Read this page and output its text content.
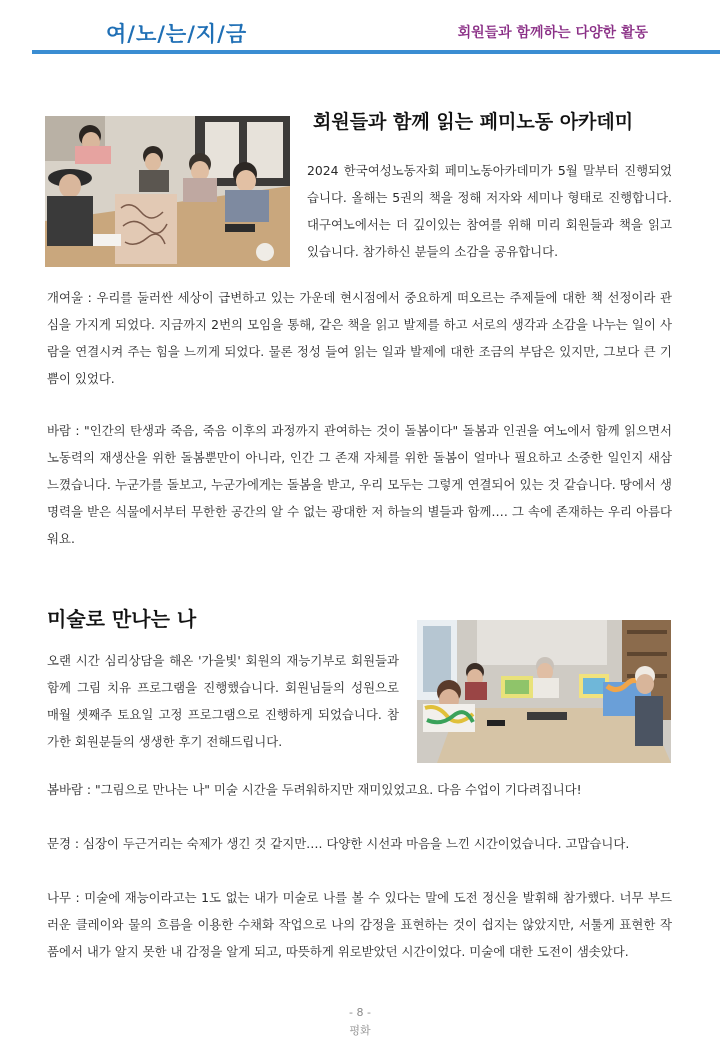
여/노/는/지/금	회원들과 함께하는 다양한 활동
회원들과 함께 읽는 페미노동 아카데미

2024 한국여성노동자회 페미노동아카데미가 5월 말부터 진행되었습니다. 올해는 5권의 책을 정해 저자와 세미나 형태로 진행합니다. 대구여노에서는 더 깊이있는 참여를 위해 미리 회원들과 책을 읽고 있습니다. 참가하신 분들의 소감을 공유합니다.

개여울 : 우리를 둘러싼 세상이 급변하고 있는 가운데 현시점에서 중요하게 떠오르는 주제들에 대한 책 선정이라 관심을 가지게 되었다. 지금까지 2번의 모임을 통해, 같은 책을 읽고 발제를 하고 서로의 생각과 소감을 나누는 일이 사람을 연결시켜 주는 힘을 느끼게 되었다. 물론 정성 들여 읽는 일과 발제에 대한 조금의 부담은 있지만, 그보다 큰 기쁨이 있었다.

바람 : "인간의 탄생과 죽음, 죽음 이후의 과정까지 관여하는 것이 돌봄이다" 돌봄과 인권을 여노에서 함께 읽으면서 노동력의 재생산을 위한 돌봄뿐만이 아니라, 인간 그 존재 자체를 위한 돌봄이 얼마나 필요하고 소중한 일인지 새삼 느꼈습니다. 누군가를 돌보고, 누군가에게는 돌봄을 받고, 우리 모두는 그렇게 연결되어 있는 것 같습니다. 땅에서 생명력을 받은 식물에서부터 무한한 공간의 알 수 없는 광대한 저 하늘의 별들과 함께…. 그 속에 존재하는 우리 아름다워요.

미술로 만나는 나

오랜 시간 심리상담을 해온 '가을빛' 회원의 재능기부로 회원들과 함께 그림 치유 프로그램을 진행했습니다. 회원님들의 성원으로 매월 셋째주 토요일 고정 프로그램으로 진행하게 되었습니다. 참가한 회원분들의 생생한 후기 전해드립니다.

봄바람 : "그림으로 만나는 나" 미술 시간을 두려워하지만 재미있었고요. 다음 수업이 기다려집니다!

문경 : 심장이 두근거리는 숙제가 생긴 것 같지만…. 다양한 시선과 마음을 느낀 시간이었습니다. 고맙습니다.

나무 : 미술에 재능이라고는 1도 없는 내가 미술로 나를 볼 수 있다는 말에 도전 정신을 발휘해 참가했다. 너무 부드러운 클레이와 물의 흐름을 이용한 수채화 작업으로 나의 감정을 표현하는 것이 쉽지는 않았지만, 서툴게 표현한 작품에서 내가 알지 못한 내 감정을 알게 되고, 따뜻하게 위로받았던 시간이었다. 미술에 대한 도전이 샘솟았다.

- 8 -
평화
